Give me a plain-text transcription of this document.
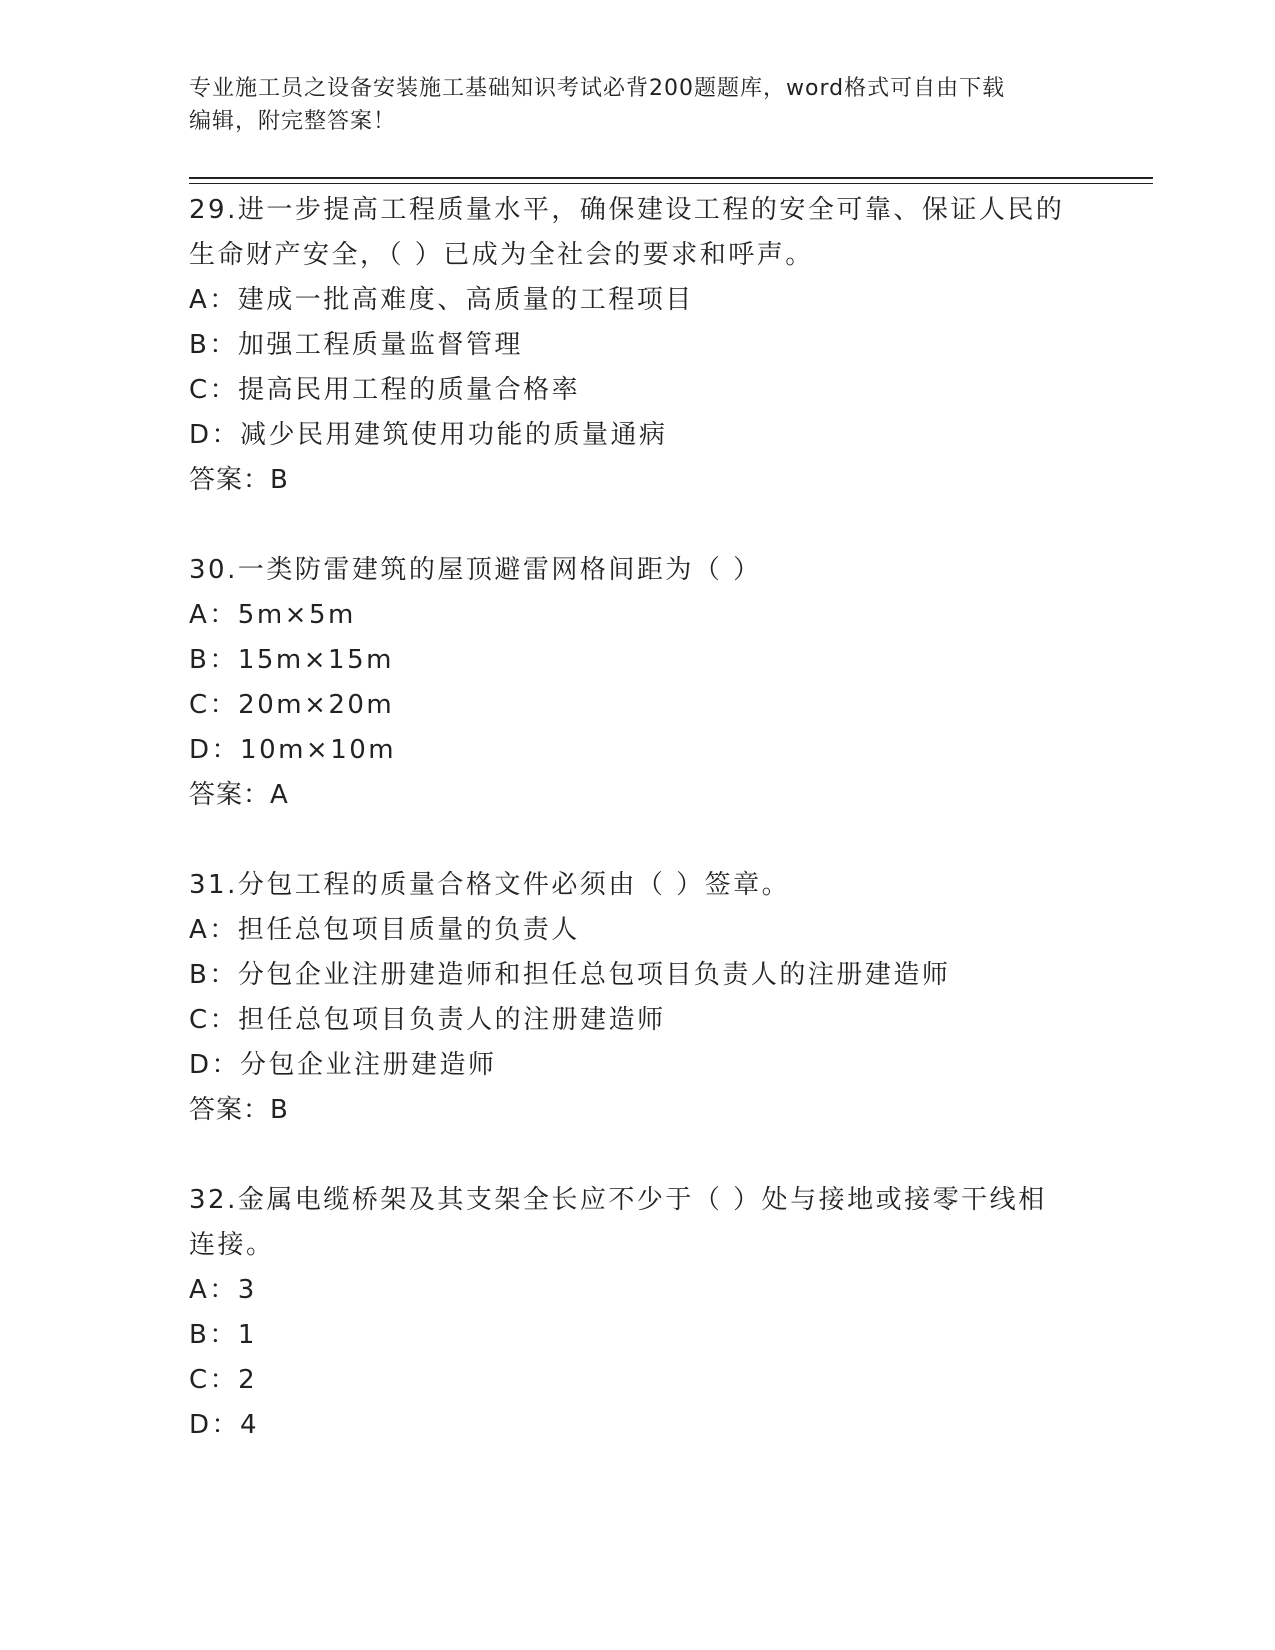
专业施工员之设备安装施工基础知识考试必背200题题库，word格式可自由下载
编辑，附完整答案！
29.进一步提高工程质量水平，确保建设工程的安全可靠、保证人民的
生命财产安全，（ ）已成为全社会的要求和呼声。
A：建成一批高难度、高质量的工程项目
B：加强工程质量监督管理
C：提高民用工程的质量合格率
D：减少民用建筑使用功能的质量通病
答案：B
30.一类防雷建筑的屋顶避雷网格间距为（ ）
A：5m×5m
B：15m×15m
C：20m×20m
D：10m×10m
答案：A
31.分包工程的质量合格文件必须由（ ）签章。
A：担任总包项目质量的负责人
B：分包企业注册建造师和担任总包项目负责人的注册建造师
C：担任总包项目负责人的注册建造师
D：分包企业注册建造师
答案：B
32.金属电缆桥架及其支架全长应不少于（ ）处与接地或接零干线相
连接。
A：3
B：1
C：2
D：4
